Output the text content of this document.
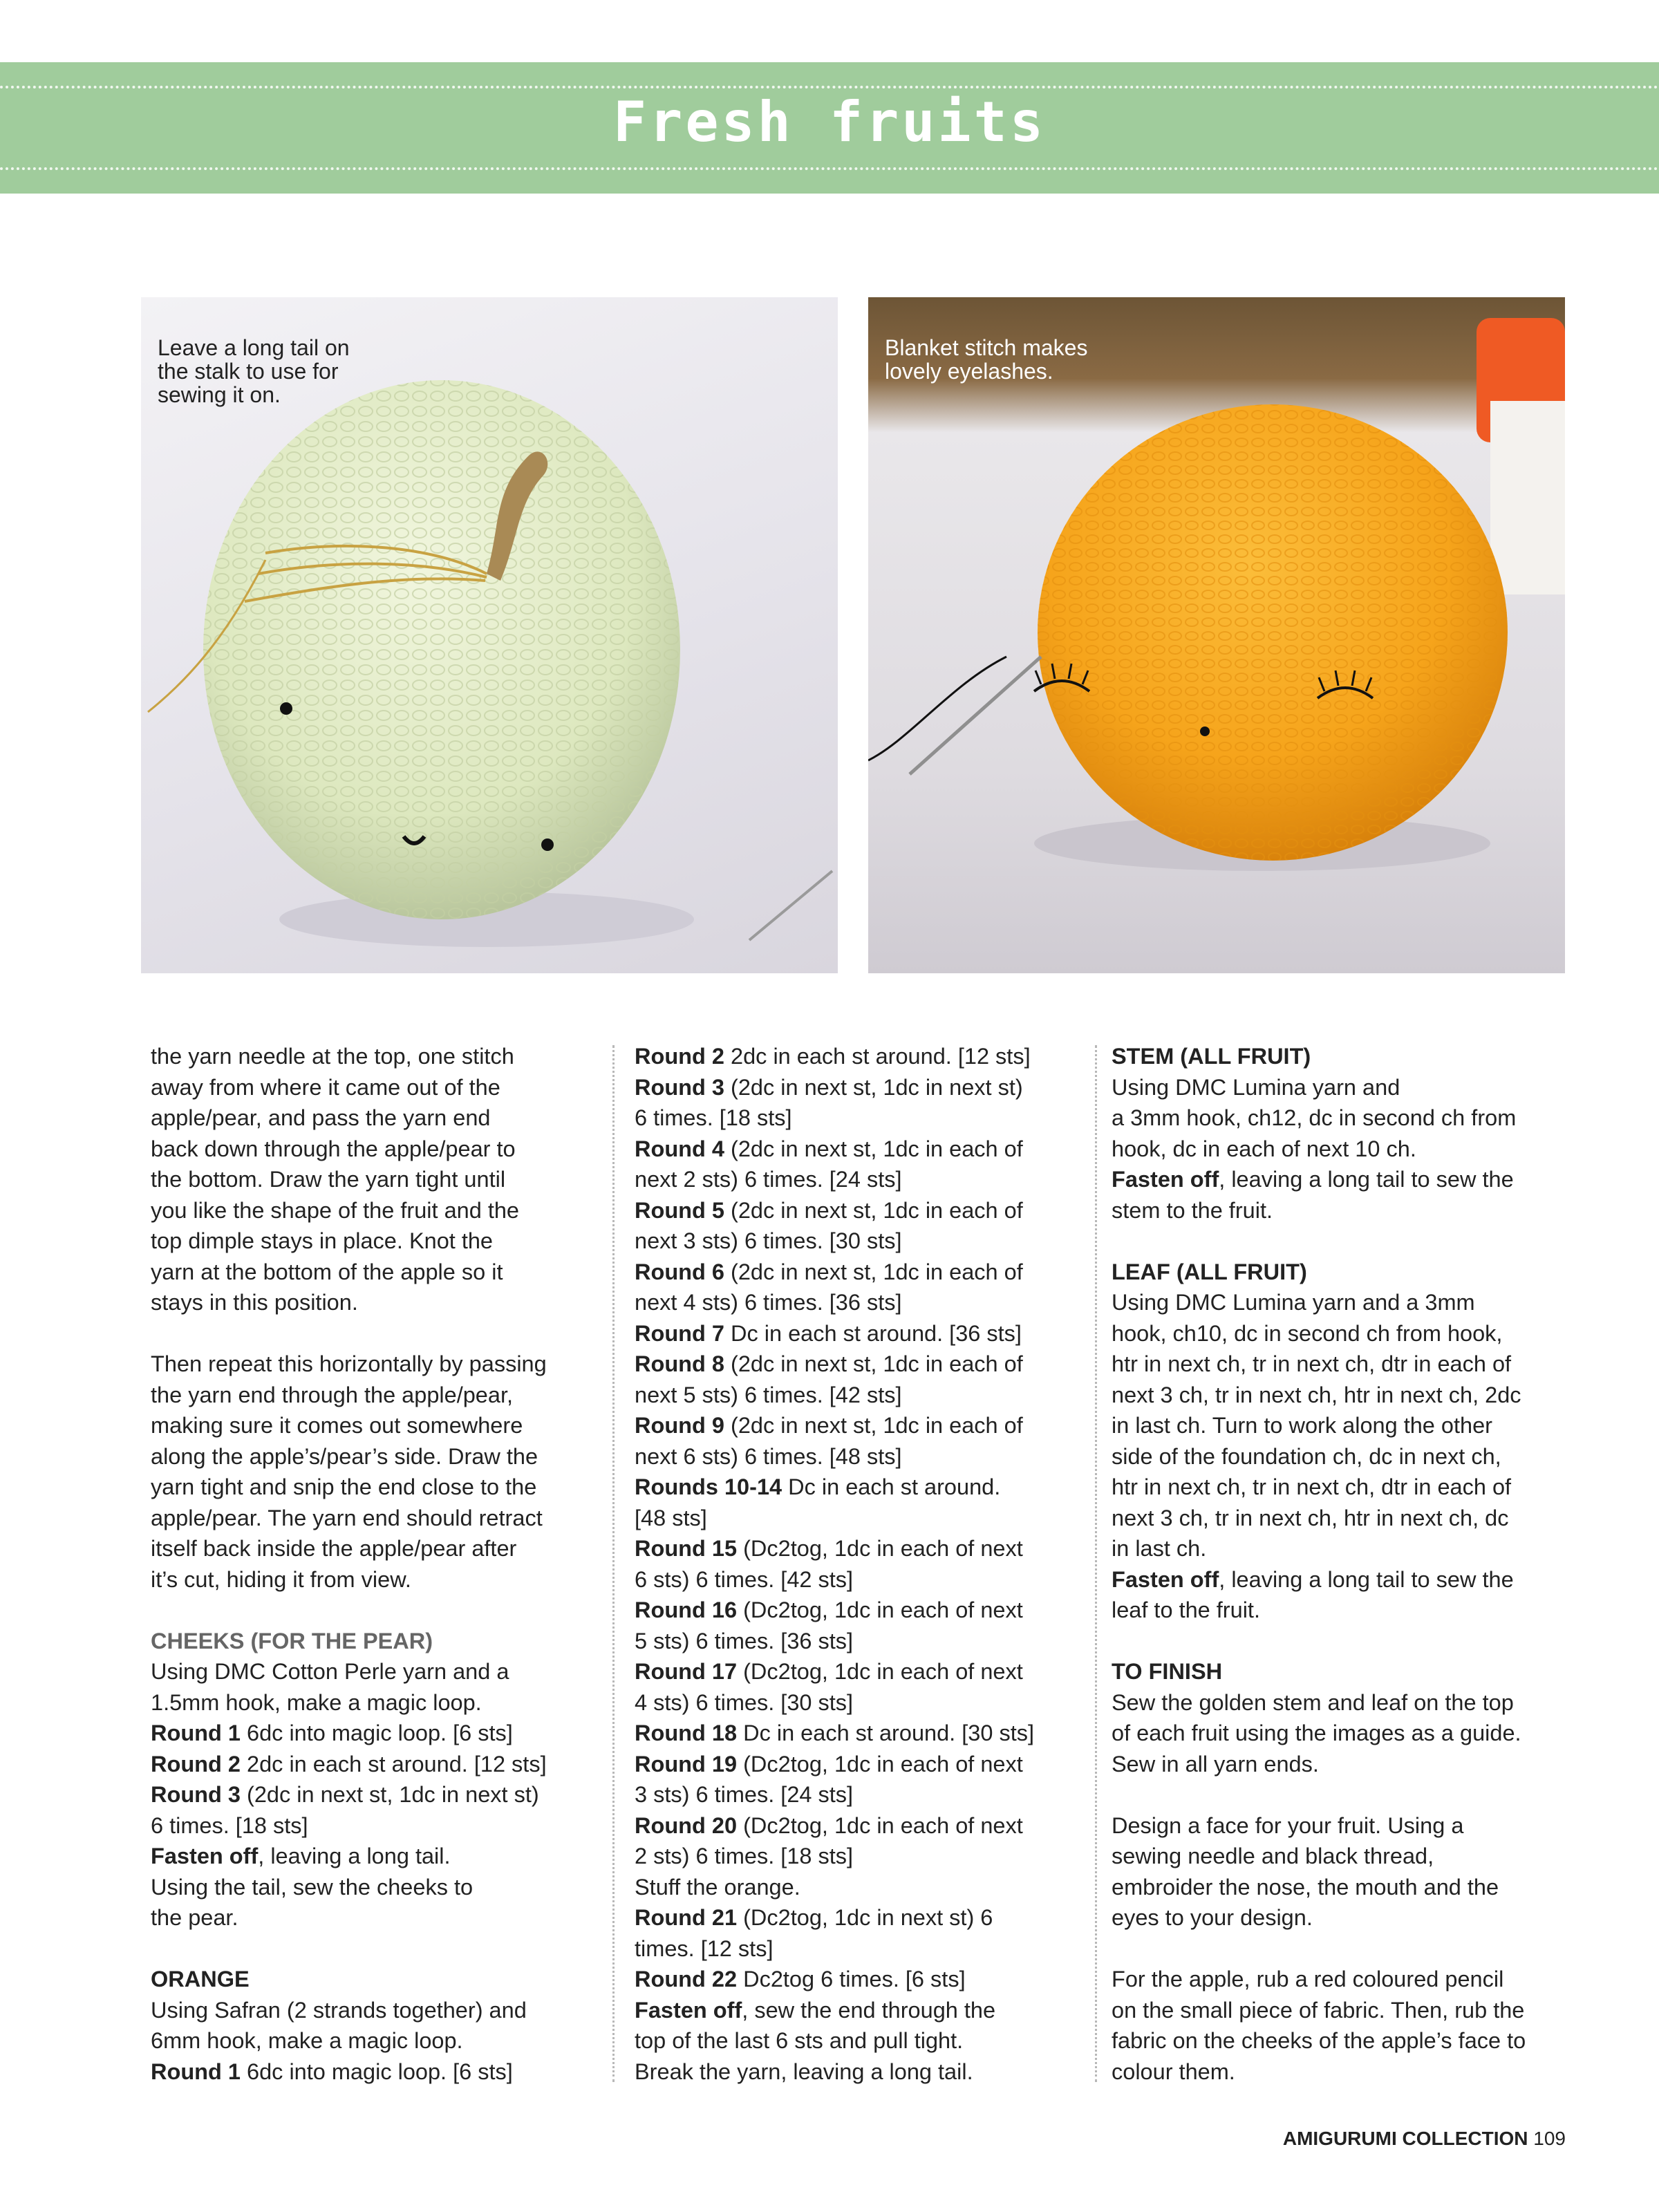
Fresh fruits
Leave a long tail on
the stalk to use for
sewing it on.
Blanket stitch makes
lovely eyelashes.
the yarn needle at the top, one stitch
away from where it came out of the
apple/pear, and pass the yarn end
back down through the apple/pear to
the bottom. Draw the yarn tight until
you like the shape of the fruit and the
top dimple stays in place. Knot the
yarn at the bottom of the apple so it
stays in this position.
Then repeat this horizontally by passing
the yarn end through the apple/pear,
making sure it comes out somewhere
along the apple’s/pear’s side. Draw the
yarn tight and snip the end close to the
apple/pear. The yarn end should retract
itself back inside the apple/pear after
it’s cut, hiding it from view.
CHEEKS (FOR THE PEAR)
Using DMC Cotton Perle yarn and a
1.5mm hook, make a magic loop.
Round 1 6dc into magic loop. [6 sts]
Round 2 2dc in each st around. [12 sts]
Round 3 (2dc in next st, 1dc in next st)
6 times. [18 sts]
Fasten off, leaving a long tail.
Using the tail, sew the cheeks to
the pear.
ORANGE
Using Safran (2 strands together) and
6mm hook, make a magic loop.
Round 1 6dc into magic loop. [6 sts]
Round 2 2dc in each st around. [12 sts]
Round 3 (2dc in next st, 1dc in next st)
6 times. [18 sts]
Round 4 (2dc in next st, 1dc in each of
next 2 sts) 6 times. [24 sts]
Round 5 (2dc in next st, 1dc in each of
next 3 sts) 6 times. [30 sts]
Round 6 (2dc in next st, 1dc in each of
next 4 sts) 6 times. [36 sts]
Round 7 Dc in each st around. [36 sts]
Round 8 (2dc in next st, 1dc in each of
next 5 sts) 6 times. [42 sts]
Round 9 (2dc in next st, 1dc in each of
next 6 sts) 6 times. [48 sts]
Rounds 10-14 Dc in each st around.
[48 sts]
Round 15 (Dc2tog, 1dc in each of next
6 sts) 6 times. [42 sts]
Round 16 (Dc2tog, 1dc in each of next
5 sts) 6 times. [36 sts]
Round 17 (Dc2tog, 1dc in each of next
4 sts) 6 times. [30 sts]
Round 18 Dc in each st around. [30 sts]
Round 19 (Dc2tog, 1dc in each of next
3 sts) 6 times. [24 sts]
Round 20 (Dc2tog, 1dc in each of next
2 sts) 6 times. [18 sts]
Stuff the orange.
Round 21 (Dc2tog, 1dc in next st) 6
times. [12 sts]
Round 22 Dc2tog 6 times. [6 sts]
Fasten off, sew the end through the
top of the last 6 sts and pull tight.
Break the yarn, leaving a long tail.
STEM (ALL FRUIT)
Using DMC Lumina yarn and
a 3mm hook, ch12, dc in second ch from
hook, dc in each of next 10 ch.
Fasten off, leaving a long tail to sew the
stem to the fruit.
LEAF (ALL FRUIT)
Using DMC Lumina yarn and a 3mm
hook, ch10, dc in second ch from hook,
htr in next ch, tr in next ch, dtr in each of
next 3 ch, tr in next ch, htr in next ch, 2dc
in last ch. Turn to work along the other
side of the foundation ch, dc in next ch,
htr in next ch, tr in next ch, dtr in each of
next 3 ch, tr in next ch, htr in next ch, dc
in last ch.
Fasten off, leaving a long tail to sew the
leaf to the fruit.
TO FINISH
Sew the golden stem and leaf on the top
of each fruit using the images as a guide.
Sew in all yarn ends.
Design a face for your fruit. Using a
sewing needle and black thread,
embroider the nose, the mouth and the
eyes to your design.
For the apple, rub a red coloured pencil
on the small piece of fabric. Then, rub the
fabric on the cheeks of the apple’s face to
colour them.
AMIGURUMI COLLECTION 109
